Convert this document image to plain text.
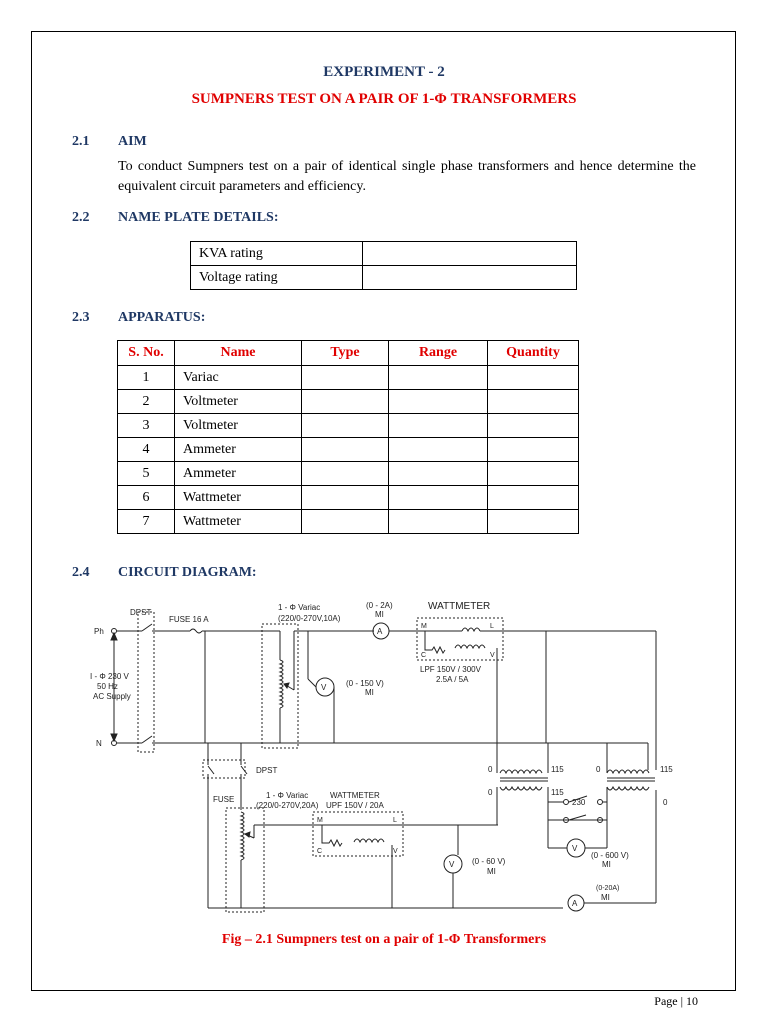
EXPERIMENT - 2
SUMPNERS TEST ON A PAIR OF 1-Φ TRANSFORMERS
2.1 AIM
To conduct Sumpners test on a pair of identical single phase transformers and hence determine the equivalent circuit parameters and efficiency.
2.2 NAME PLATE DETAILS:
KVA rating	
Voltage rating	
2.3 APPARATUS:
S. No.	Name	Type	Range	Quantity
1	Variac			
2	Voltmeter			
3	Voltmeter			
4	Ammeter			
5	Ammeter			
6	Wattmeter			
7	Wattmeter			
2.4 CIRCUIT DIAGRAM:
DPST
FUSE 16 A
Ph
N
I - Φ 230 V
50 Hz
AC Supply
1 - Φ Variac
(220/0-270V,10A)
(0 - 2A)
MI
A
WATTMETER
M	L
C	V
LPF 150V / 300V
2.5A / 5A
(0 - 150 V)
MI
V
DPST
FUSE	1 - Φ Variac
(220/0-270V,20A)
WATTMETER
UPF 150V / 20A
M	L
C	V
(0 - 60 V)
MI
V
0	115
0	115
0	115
230	0
(0 - 600 V)
MI
V
(0-20A)
MI
A
Fig – 2.1 Sumpners test on a pair of 1-Φ Transformers
Page | 10
